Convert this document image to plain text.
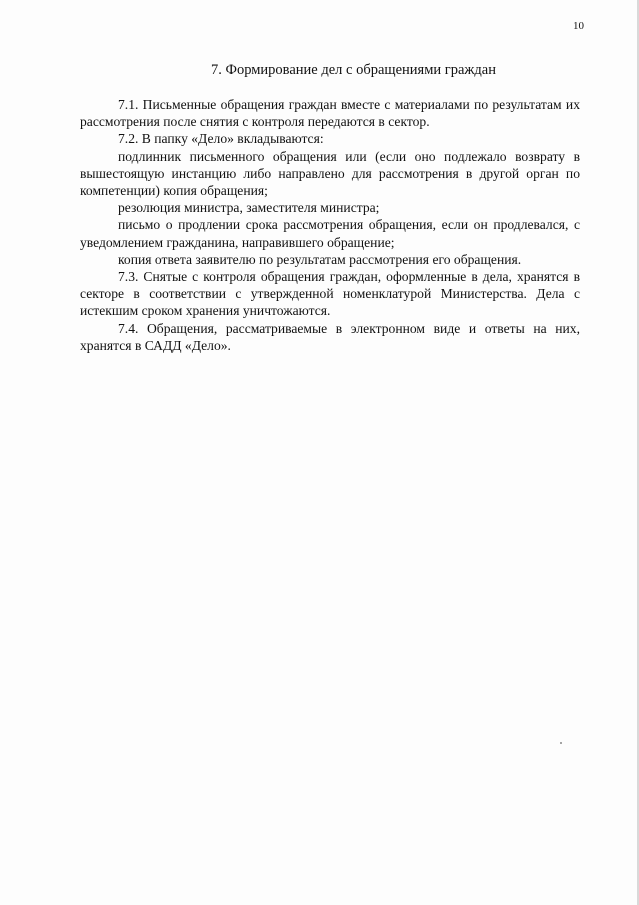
10
7. Формирование дел с обращениями граждан

7.1. Письменные обращения граждан вместе с материалами по результатам их рассмотрения после снятия с контроля передаются в сектор.

7.2. В папку «Дело» вкладываются:

подлинник письменного обращения или (если оно подлежало возврату в вышестоящую инстанцию либо направлено для рассмотрения в другой орган по компетенции) копия обращения;

резолюция министра, заместителя министра;

письмо о продлении срока рассмотрения обращения, если он продлевался, с уведомлением гражданина, направившего обращение;

копия ответа заявителю по результатам рассмотрения его обращения.

7.3. Снятые с контроля обращения граждан, оформленные в дела, хранятся в секторе в соответствии с утвержденной номенклатурой Министерства. Дела с истекшим сроком хранения уничтожаются.

7.4. Обращения, рассматриваемые в электронном виде и ответы на них, хранятся в САДД «Дело».
